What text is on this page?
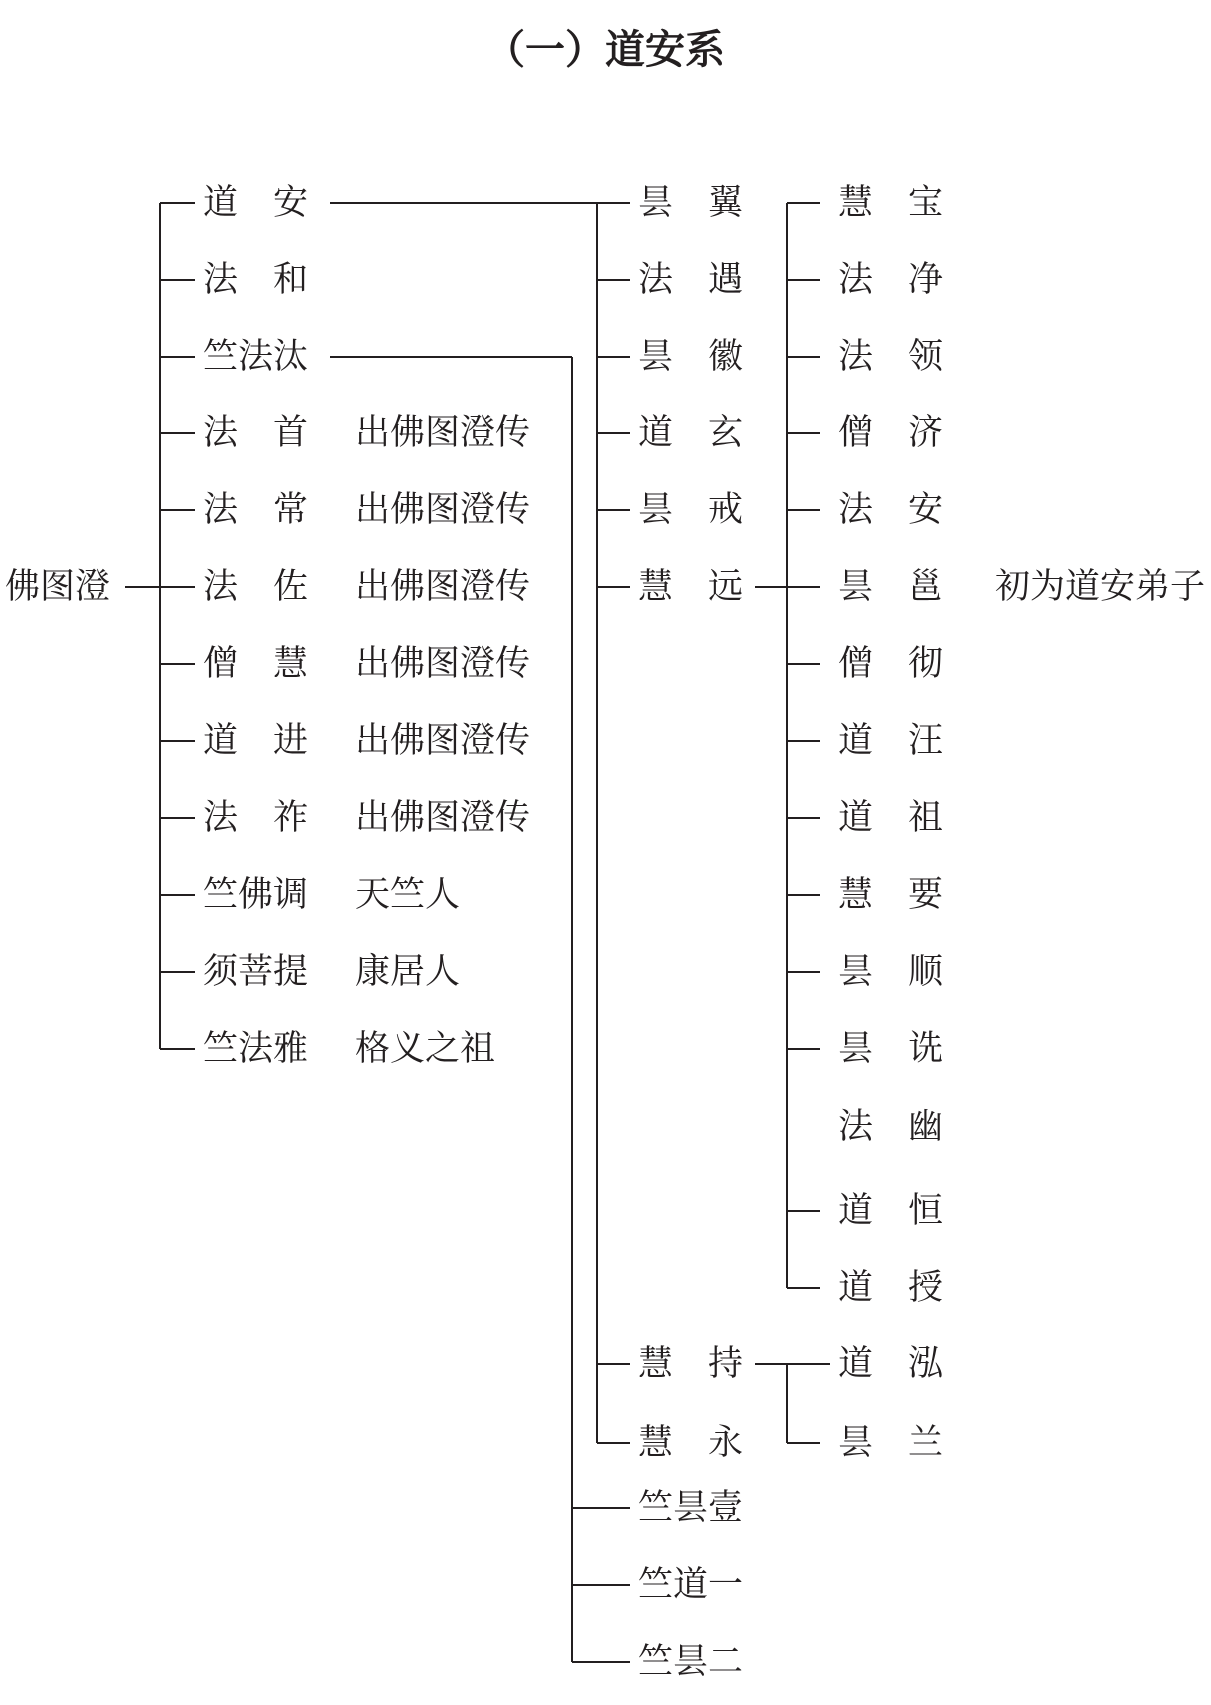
（一）道安系
佛图澄
道　安
法　和
竺法汰
法　首
法　常
法　佐
僧　慧
道　进
法　祚
竺佛调
须菩提
竺法雅
出佛图澄传
出佛图澄传
出佛图澄传
出佛图澄传
出佛图澄传
出佛图澄传
天竺人
康居人
格义之祖
昙　翼
法　遇
昙　徽
道　玄
昙　戒
慧　远
慧　持
慧　永
慧　宝
法　净
法　领
僧　济
法　安
昙　邕
僧　彻
道　汪
道　祖
慧　要
昙　顺
昙　诜
法　幽
道　恒
道　授
初为道安弟子
道　泓
昙　兰
竺昙壹
竺道一
竺昙二
